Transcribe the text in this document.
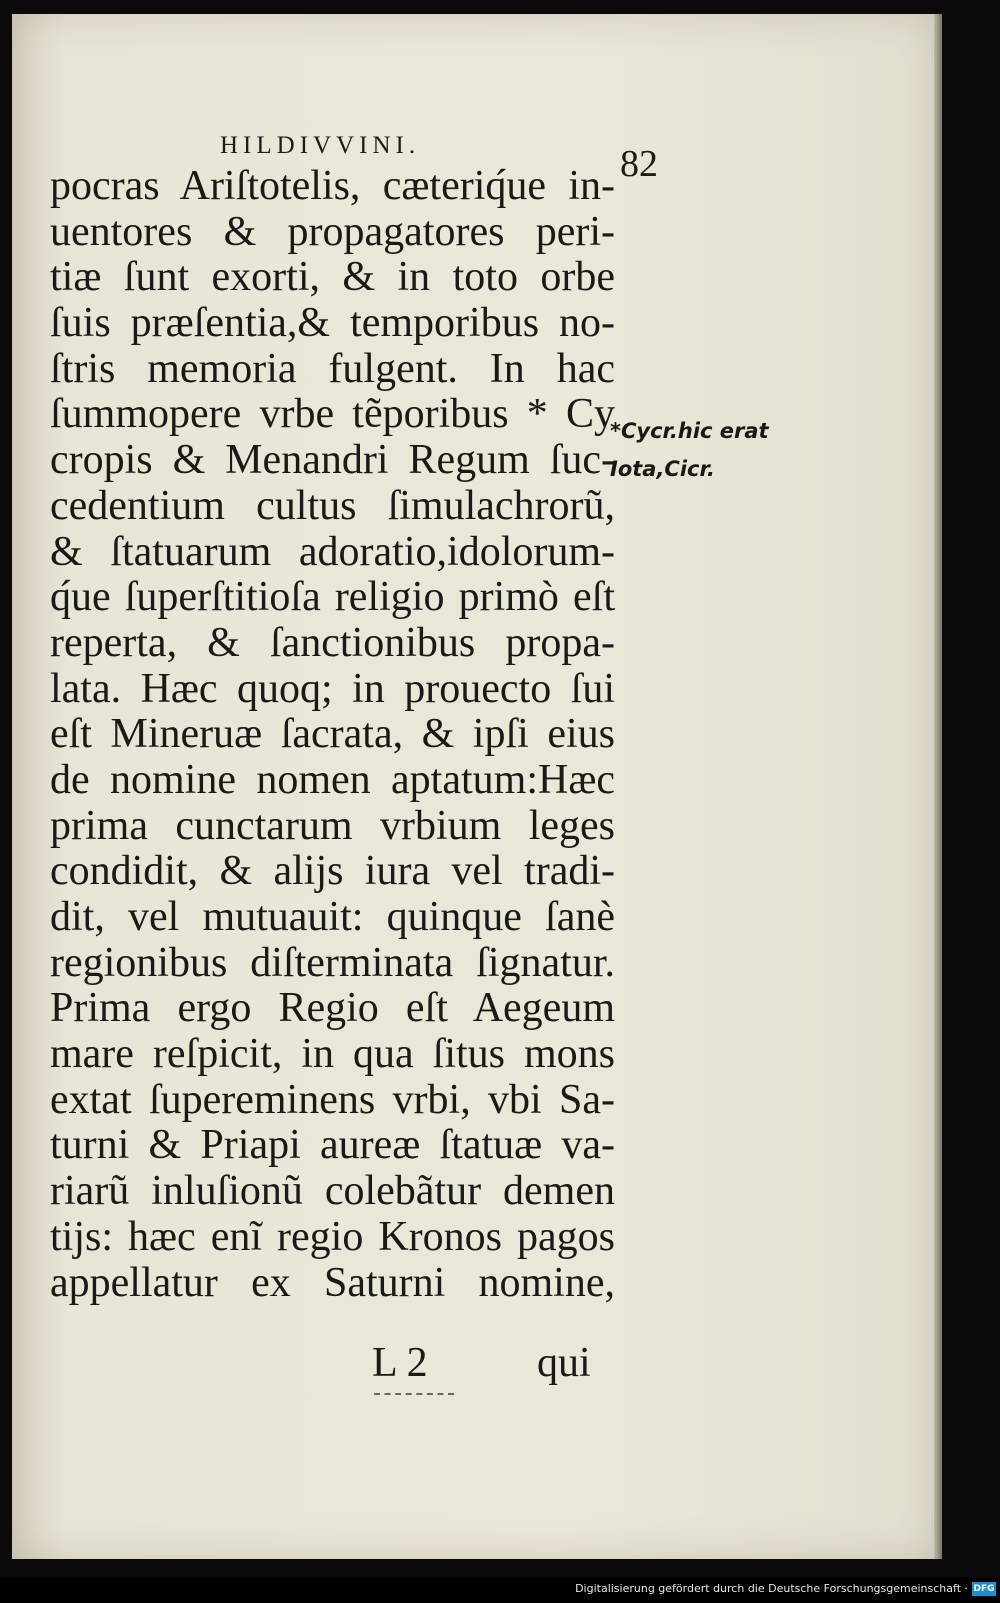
HILDIVVINI.	82
pocras Ariſtotelis, cæteriq́ue in-
uentores & propagatores peri-
tiæ ſunt exorti, & in toto orbe
ſuis præſentia,& temporibus no-
ſtris memoria fulgent. In hac
ſummopere vrbe tẽporibus * Cy
cropis & Menandri Regum ſuc-
cedentium cultus ſimulachrorũ,
& ſtatuarum adoratio,idolorum-
q́ue ſuperſtitioſa religio primò eſt
reperta, & ſanctionibus propa-
lata. Hæc quoq; in prouecto ſui
eſt Mineruæ ſacrata, & ipſi eius
de nomine nomen aptatum:Hæc
prima cunctarum vrbium leges
condidit, & alijs iura vel tradi-
dit, vel mutuauit: quinque ſanè
regionibus diſterminata ſignatur.
Prima ergo Regio eſt Aegeum
mare reſpicit, in qua ſitus mons
extat ſupereminens vrbi, vbi Sa-
turni & Priapi aureæ ſtatuæ va-
riarũ inluſionũ colebãtur demen
tijs: hæc enĩ regio Kronos pagos
appellatur ex Saturni nomine,
*Cycr.hic erat
Iota,Cicr.
L 2	qui
Digitalisierung gefördert durch die Deutsche Forschungsgemeinschaft · DFG
